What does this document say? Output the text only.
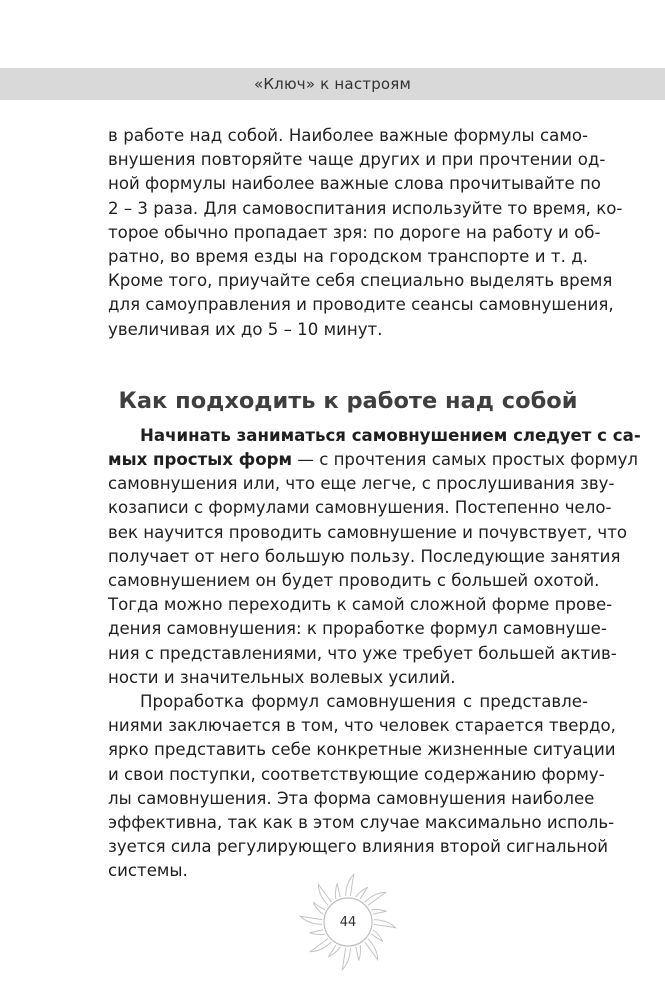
«Ключ» к настроям

в работе над собой. Наиболее важные формулы само-
внушения повторяйте чаще других и при прочтении од-
ной формулы наиболее важные слова прочитывайте по
2 – 3 раза. Для самовоспитания используйте то время, ко-
торое обычно пропадает зря: по дороге на работу и об-
ратно, во время езды на городском транспорте и т. д.
Кроме того, приучайте себя специально выделять время
для самоуправления и проводите сеансы самовнушения,
увеличивая их до 5 – 10 минут.

Как подходить к работе над собой

Начинать заниматься самовнушением следует с са-
мых простых форм — с прочтения самых простых формул
самовнушения или, что еще легче, с прослушивания зву-
козаписи с формулами самовнушения. Постепенно чело-
век научится проводить самовнушение и почувствует, что
получает от него большую пользу. Последующие занятия
самовнушением он будет проводить с большей охотой.
Тогда можно переходить к самой сложной форме прове-
дения самовнушения: к проработке формул самовнуше-
ния с представлениями, что уже требует большей актив-
ности и значительных волевых усилий.

Проработка формул самовнушения с представле-
ниями заключается в том, что человек старается твердо,
ярко представить себе конкретные жизненные ситуации
и свои поступки, соответствующие содержанию форму-
лы самовнушения. Эта форма самовнушения наиболее
эффективна, так как в этом случае максимально исполь-
зуется сила регулирующего влияния второй сигнальной
системы.

44
